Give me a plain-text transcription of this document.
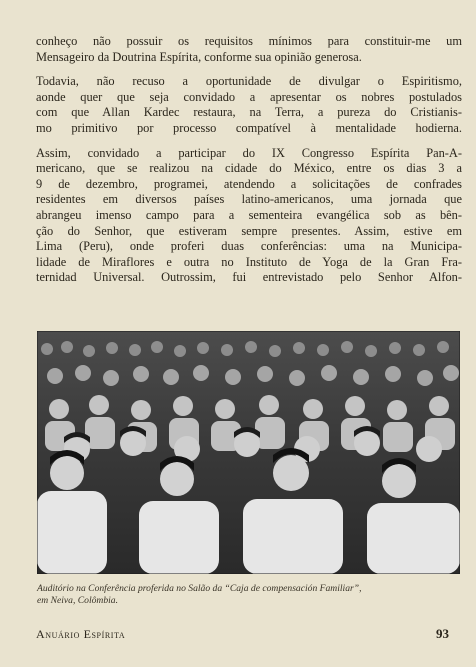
conheço não possuir os requisitos mínimos para constituir-me um
Mensageiro da Doutrina Espírita, conforme sua opinião generosa.

Todavia, não recuso a oportunidade de divulgar o Espiritismo,
aonde quer que seja convidado a apresentar os nobres postulados
com que Allan Kardec restaura, na Terra, a pureza do Cristianis-
mo primitivo por processo compatível à mentalidade hodierna.

Assim, convidado a participar do IX Congresso Espírita Pan-A-
mericano, que se realizou na cidade do México, entre os dias 3 a
9 de dezembro, programei, atendendo a solicitações de confrades
residentes em diversos países latino-americanos, uma jornada que
abrangeu imenso campo para a sementeira evangélica sob as bên-
ção do Senhor, que estiveram sempre presentes. Assim, estive em
Lima (Peru), onde proferi duas conferências: uma na Municipa-
lidade de Miraflores e outra no Instituto de Yoga de la Gran Fra-
ternidad Universal. Outrossim, fui entrevistado pelo Senhor Alfon-

Auditório na Conferência proferida no Salão da “Caja de compensación Familiar”,
em Neiva, Colômbia.
Anuário Espírita	93
